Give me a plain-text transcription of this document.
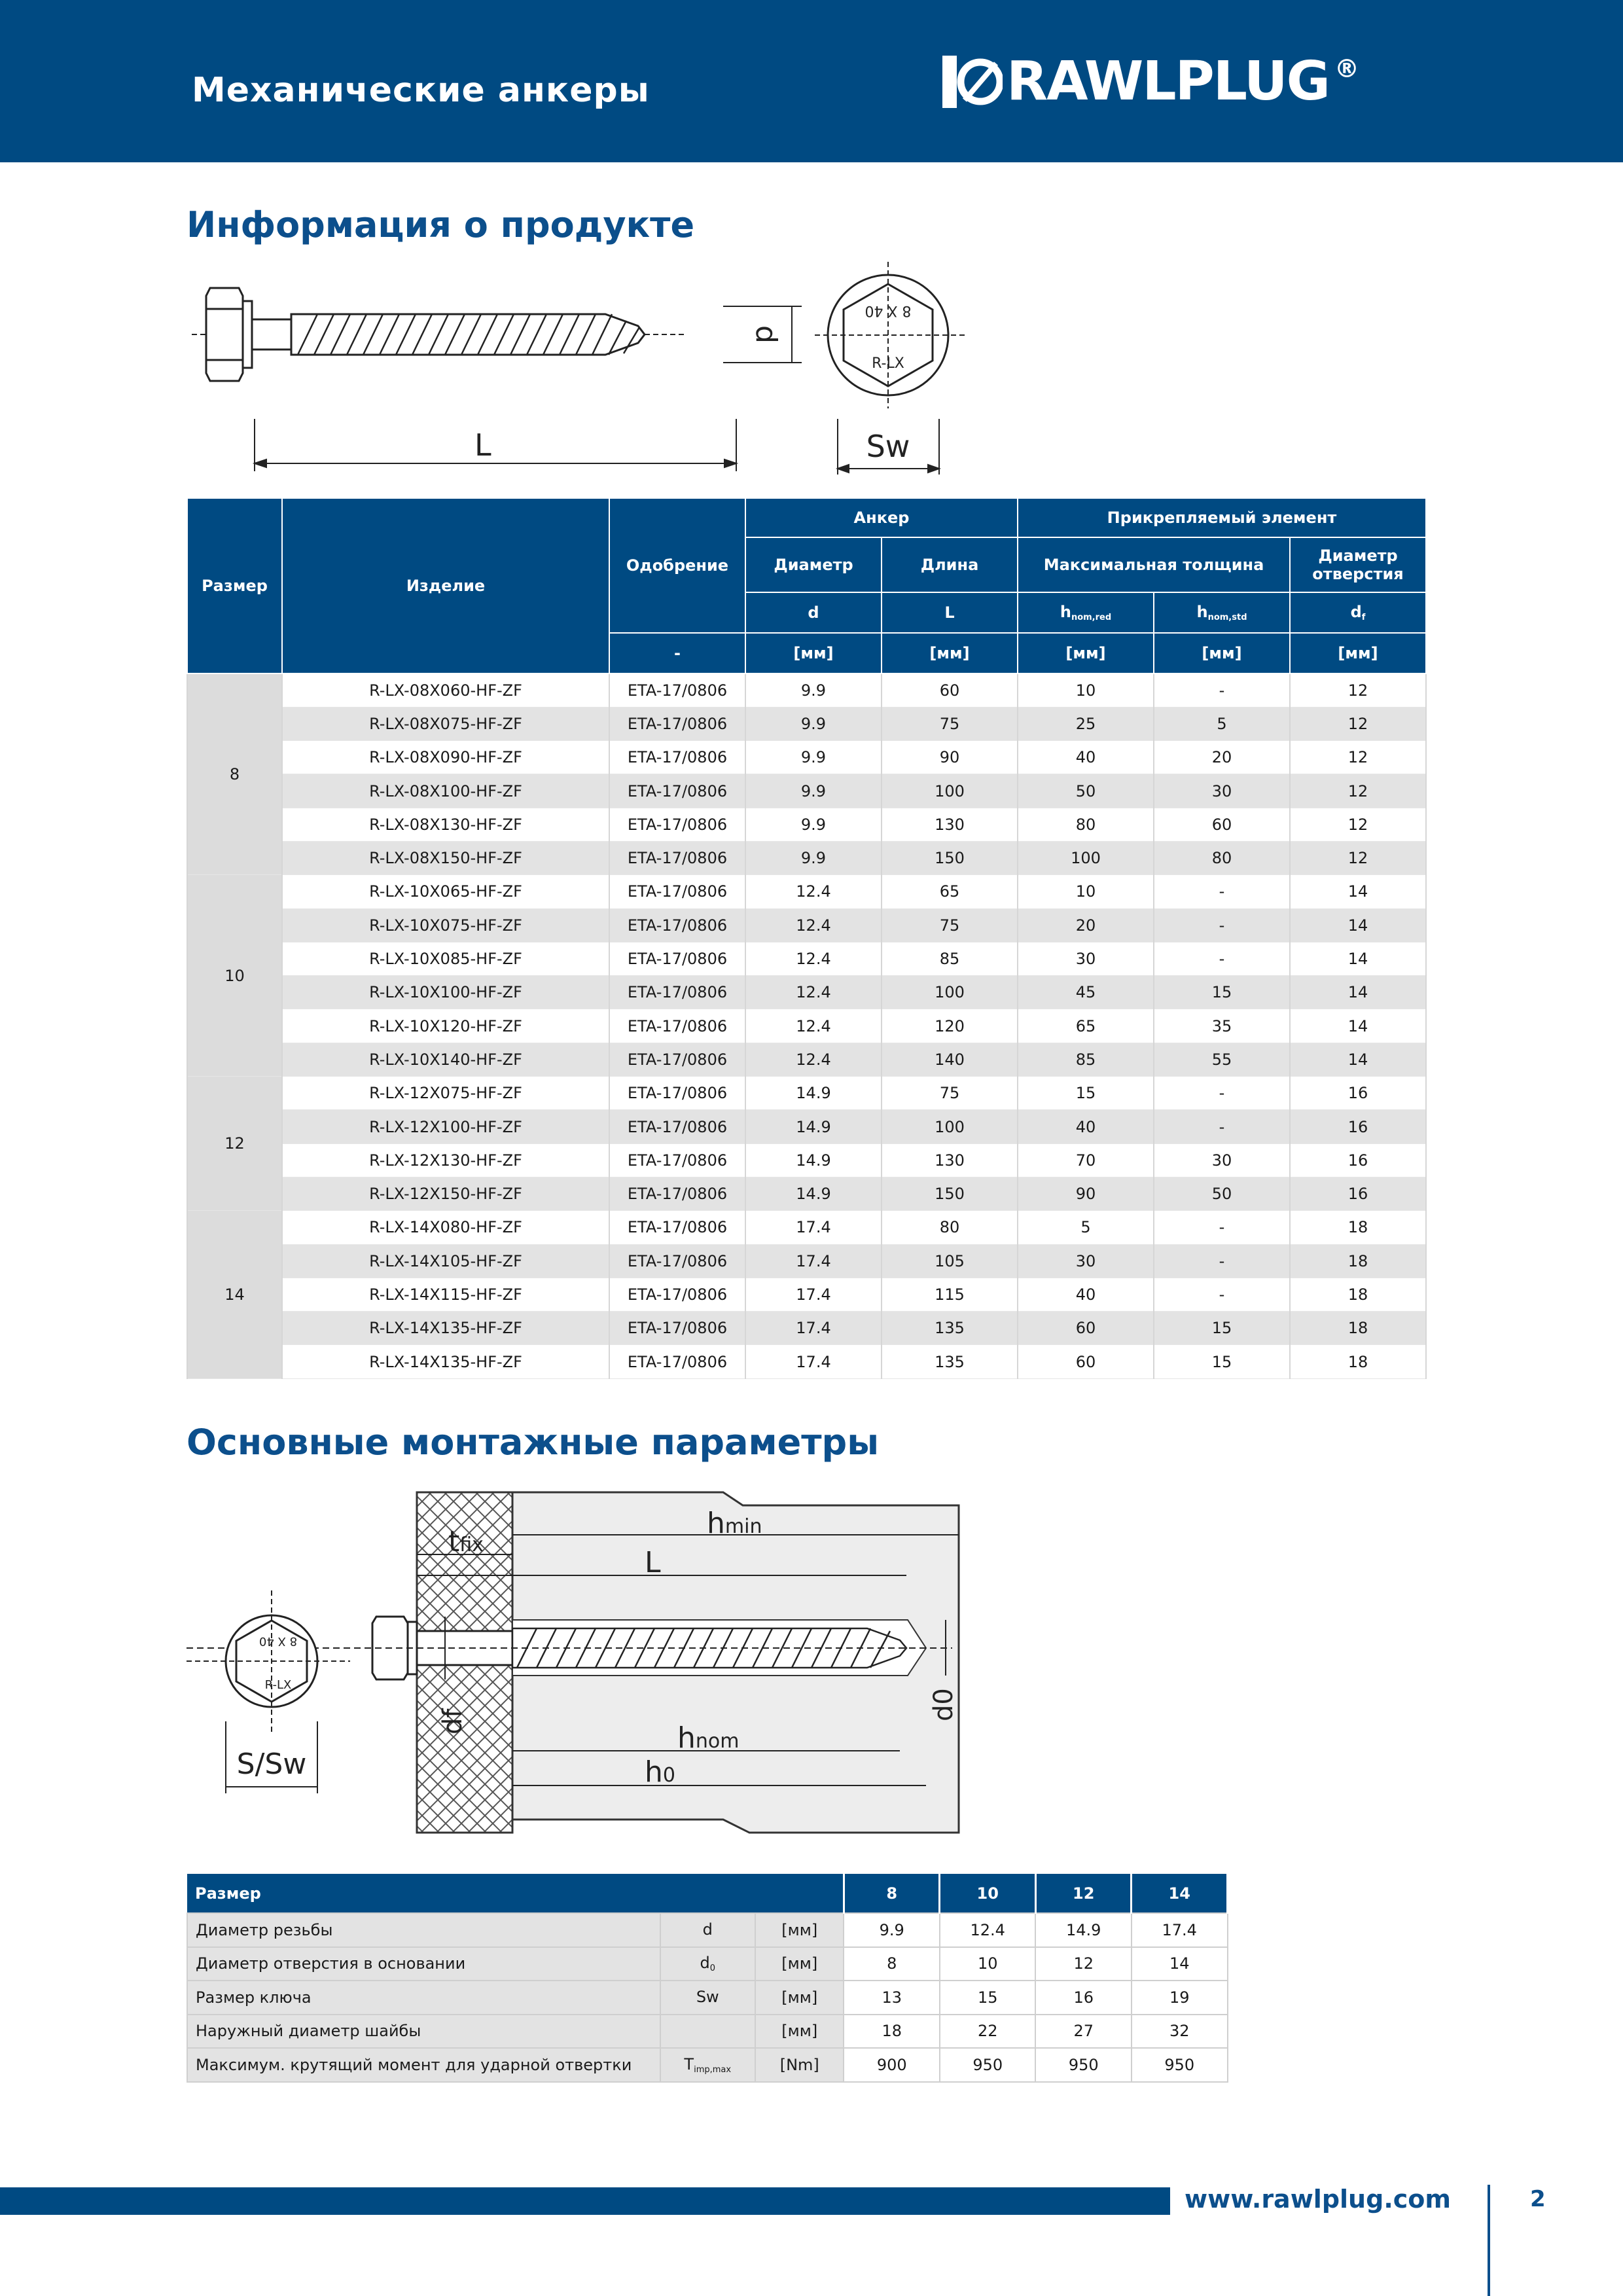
Механические анкеры	RAWLPLUG ®
Информация о продукте
d
L
8 X 40
R-LX
Sw
Размер	Изделие	Одобрение	Анкер		Прикрепляемый элемент		
			Диаметр	Длина	Максимальная толщина		Диаметр отверстия
			d	L	$h_{nom,red}$	$h_{nom,std}$	$d_f$
		-	[мм]	[мм]	[мм]	[мм]	[мм]
8	R-LX-08X060-HF-ZF	ETA-17/0806	9.9	60	10	-	12
	R-LX-08X075-HF-ZF	ETA-17/0806	9.9	75	25	5	12
	R-LX-08X090-HF-ZF	ETA-17/0806	9.9	90	40	20	12
	R-LX-08X100-HF-ZF	ETA-17/0806	9.9	100	50	30	12
	R-LX-08X130-HF-ZF	ETA-17/0806	9.9	130	80	60	12
	R-LX-08X150-HF-ZF	ETA-17/0806	9.9	150	100	80	12
10	R-LX-10X065-HF-ZF	ETA-17/0806	12.4	65	10	-	14
	R-LX-10X075-HF-ZF	ETA-17/0806	12.4	75	20	-	14
	R-LX-10X085-HF-ZF	ETA-17/0806	12.4	85	30	-	14
	R-LX-10X100-HF-ZF	ETA-17/0806	12.4	100	45	15	14
	R-LX-10X120-HF-ZF	ETA-17/0806	12.4	120	65	35	14
	R-LX-10X140-HF-ZF	ETA-17/0806	12.4	140	85	55	14
12	R-LX-12X075-HF-ZF	ETA-17/0806	14.9	75	15	-	16
	R-LX-12X100-HF-ZF	ETA-17/0806	14.9	100	40	-	16
	R-LX-12X130-HF-ZF	ETA-17/0806	14.9	130	70	30	16
	R-LX-12X150-HF-ZF	ETA-17/0806	14.9	150	90	50	16
14	R-LX-14X080-HF-ZF	ETA-17/0806	17.4	80	5	-	18
	R-LX-14X105-HF-ZF	ETA-17/0806	17.4	105	30	-	18
	R-LX-14X115-HF-ZF	ETA-17/0806	17.4	115	40	-	18
	R-LX-14X135-HF-ZF	ETA-17/0806	17.4	135	60	15	18
	R-LX-14X135-HF-ZF	ETA-17/0806	17.4	135	60	15	18
Основные монтажные параметры
tfix
hmin
L
df	hnom
h0
d0
8 X 40
R-LX
S/Sw
Размер			8	10	12	14
Диаметр резьбы	d	[мм]	9.9	12.4	14.9	17.4
Диаметр отверстия в основании	$d_0$	[мм]	8	10	12	14
Размер ключа	Sw	[мм]	13	15	16	19
Наружный диаметр шайбы		[мм]	18	22	27	32
Максимум. крутящий момент для ударной отвертки	$T_{imp,max}$	[Nm]	900	950	950	950
www.rawlplug.com	2
